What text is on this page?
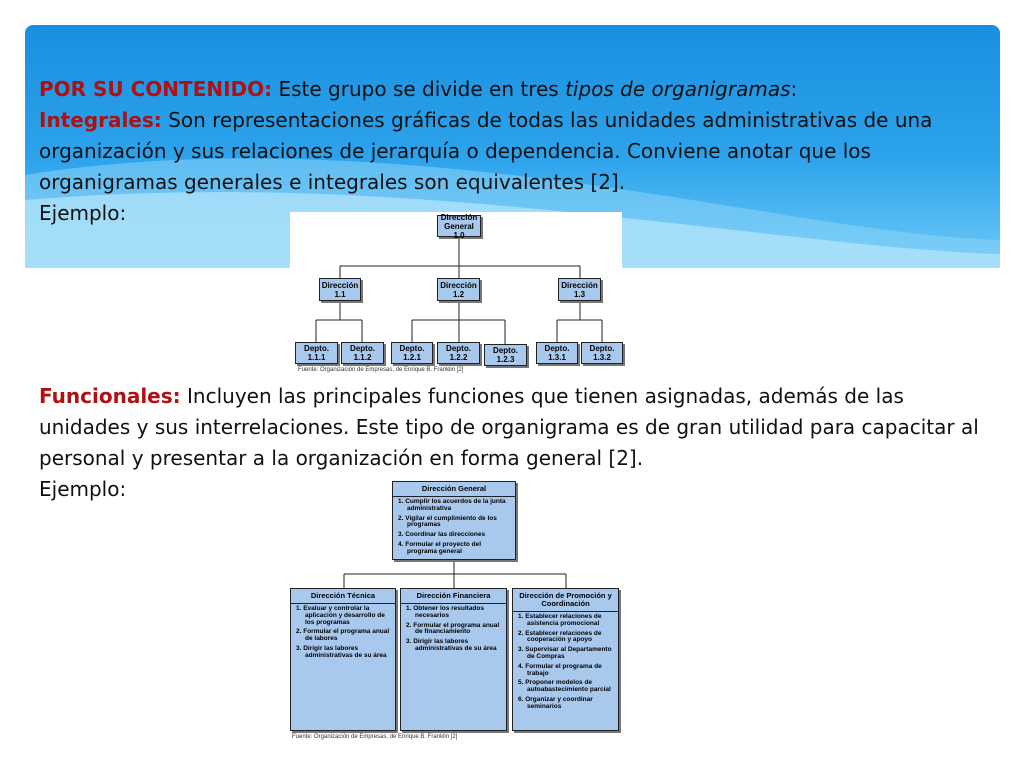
POR SU CONTENIDO: Este grupo se divide en tres tipos de organigramas:
Integrales: Son representaciones gráficas de todas las unidades administrativas de una organización y sus relaciones de jerarquía o dependencia. Conviene anotar que los organigramas generales e integrales son equivalentes [2].
Ejemplo:	Dirección
General 1.0
Dirección
1.1
Dirección
1.2
Dirección
1.3
Depto.
1.1.1
Depto.
1.1.2
Depto.
1.2.1
Depto.
1.2.2
Depto.
1.2.3
Depto.
1.3.1
Depto.
1.3.2
Fuente: Organización de Empresas, de Enrique B. Franklin [2]
Funcionales: Incluyen las principales funciones que tienen asignadas, además de las unidades y sus interrelaciones. Este tipo de organigrama es de gran utilidad para capacitar al personal y presentar a la organización en forma general [2].
Ejemplo:	Dirección General
1. Cumplir los acuerdos de la junta administrativa
2. Vigilar el cumplimiento de los programas
3. Coordinar las direcciones
4. Formular el proyecto del programa general
Dirección Técnica
1. Evaluar y controlar la aplicación y desarrollo de los programas
2. Formular el programa anual de labores
3. Dirigir las labores administrativas de su área
Dirección Financiera
1. Obtener los resultados necesarios
2. Formular el programa anual de financiamiento
3. Dirigir las labores administrativas de su área
Dirección de Promoción y Coordinación
1. Establecer relaciones de asistencia promocional
2. Establecer relaciones de cooperación y apoyo
3. Supervisar al Departamento de Compras
4. Formular el programa de trabajo
5. Proponer modelos de autoabastecimiento parcial
6. Organizar y coordinar seminarios
Fuente: Organización de Empresas, de Enrique B. Franklin [2]
